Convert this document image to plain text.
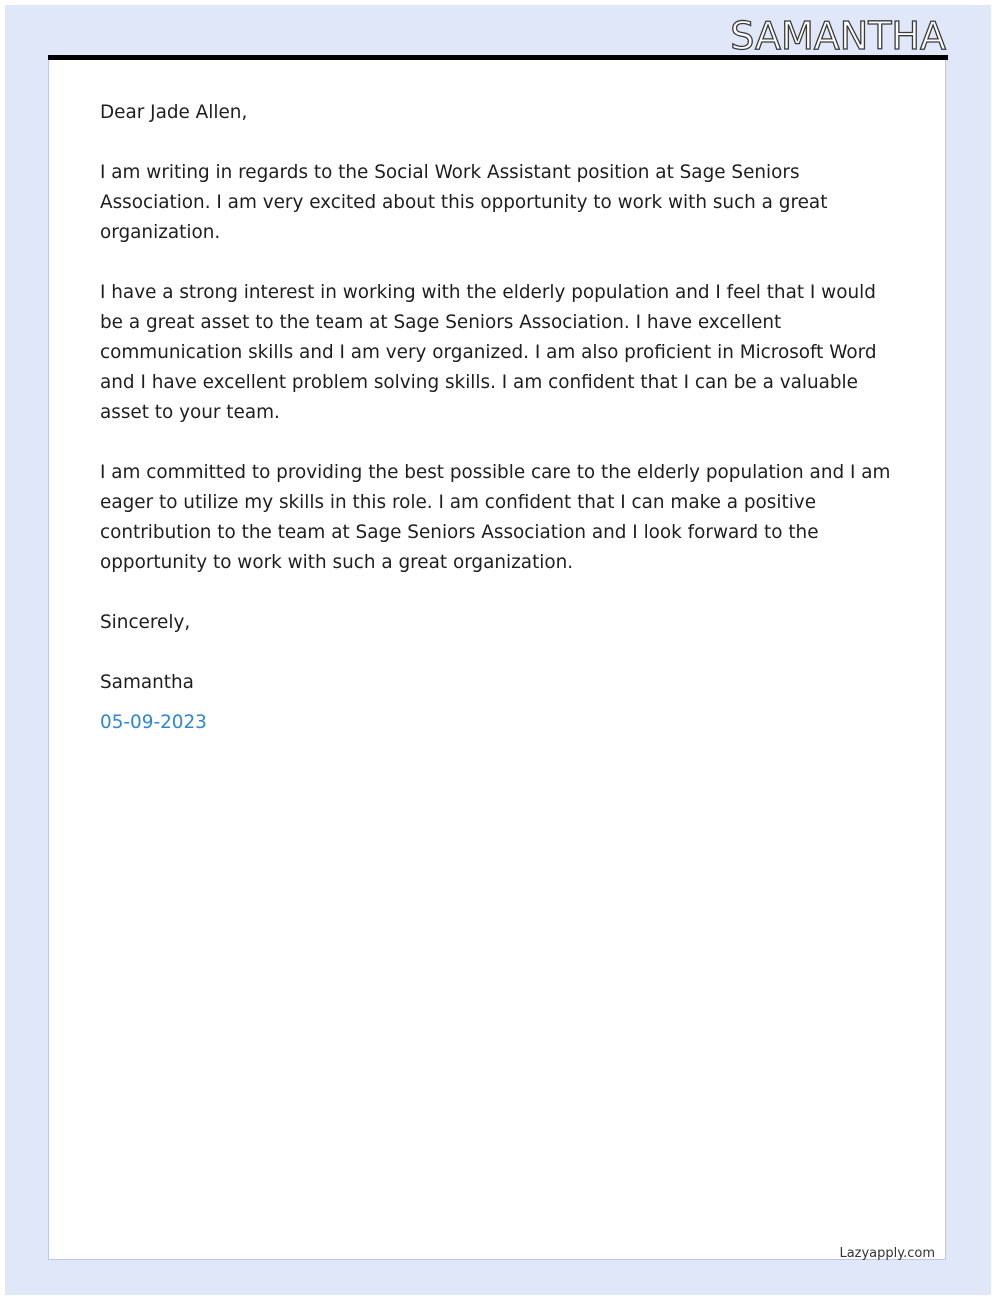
SAMANTHA

Dear Jade Allen,

I am writing in regards to the Social Work Assistant position at Sage Seniors Association. I am very excited about this opportunity to work with such a great organization.

I have a strong interest in working with the elderly population and I feel that I would be a great asset to the team at Sage Seniors Association. I have excellent communication skills and I am very organized. I am also proficient in Microsoft Word and I have excellent problem solving skills. I am confident that I can be a valuable asset to your team.

I am committed to providing the best possible care to the elderly population and I am eager to utilize my skills in this role. I am confident that I can make a positive contribution to the team at Sage Seniors Association and I look forward to the opportunity to work with such a great organization.

Sincerely,

Samantha

05-09-2023

Lazyapply.com
